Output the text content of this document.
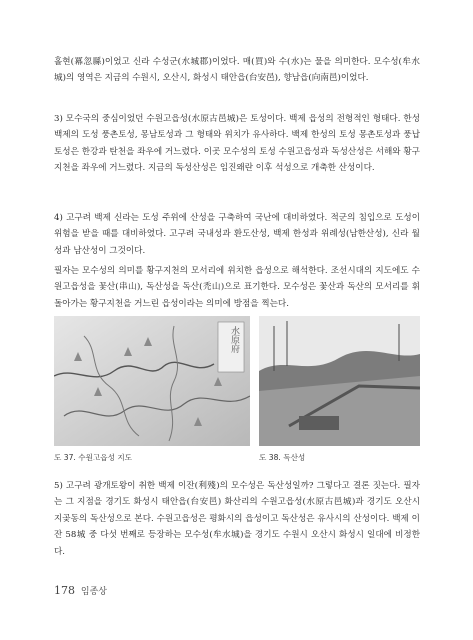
홀현(冪忽縣)이었고 신라 수성군(水城郡)이었다. 매(買)와 수(水)는 물을 의미한다. 모수성(牟水城)의 영역은 지금의 수원시, 오산시, 화성시 태안읍(台安邑), 향남읍(向南邑)이었다.

3) 모수국의 중심이었던 수원고읍성(水原古邑城)은 토성이다. 백제 읍성의 전형적인 형태다. 한성 백제의 도성 풍촌토성, 몽남토성과 그 형태와 위치가 유사하다. 백제 한성의 토성 몽촌토성과 풍납토성은 한강과 탄천을 좌우에 거느렸다. 이곳 모수성의 토성 수원고읍성과 독성산성은 서해와 황구지천을 좌우에 거느렸다. 지금의 독성산성은 임진왜란 이후 석성으로 개축한 산성이다.

4) 고구려 백제 신라는 도성 주위에 산성을 구축하여 국난에 대비하였다. 적군의 침입으로 도성이 위험을 받을 때를 대비하였다. 고구려 국내성과 환도산성, 백제 한성과 위례성(남한산성), 신라 월성과 남산성이 그것이다.

필자는 모수성의 의미를 황구지천의 모서리에 위치한 읍성으로 해석한다. 조선시대의 지도에도 수원고읍성을 꽃산(串山), 독산성을 독산(禿山)으로 표기한다. 모수성은 꽃산과 독산의 모서리를 휘돌아가는 황구지천을 거느린 읍성이라는 의미에 방점을 찍는다.

水原府
도 37. 수원고읍성 지도	도 38. 독산성

5) 고구려 광개토왕이 취한 백제 이잔(利殘)의 모수성은 독산성일까? 그렇다고 결론 짓는다. 필자는 그 지점을 경기도 화성시 태안읍(台安邑) 화산리의 수원고읍성(水原古邑城)과 경기도 오산시 지곶동의 독산성으로 본다. 수원고읍성은 평화시의 읍성이고 독산성은 유사시의 산성이다. 백제 이잔 58城 중 다섯 번째로 등장하는 모수성(牟水城)을 경기도 수원시 오산시 화성시 일대에 비정한다.

178 임종상
